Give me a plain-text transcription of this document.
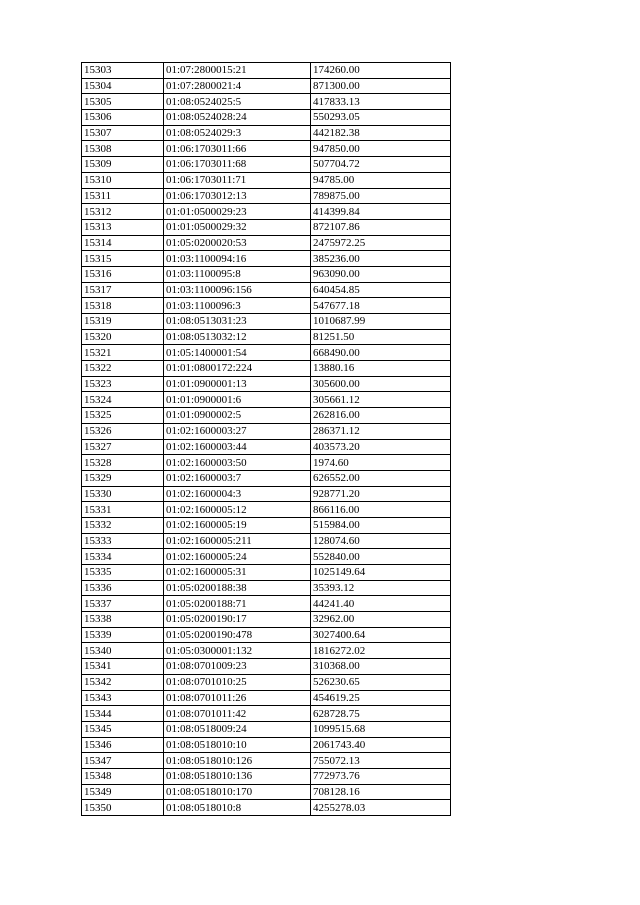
15303	01:07:2800015:21	174260.00
15304	01:07:2800021:4	871300.00
15305	01:08:0524025:5	417833.13
15306	01:08:0524028:24	550293.05
15307	01:08:0524029:3	442182.38
15308	01:06:1703011:66	947850.00
15309	01:06:1703011:68	507704.72
15310	01:06:1703011:71	94785.00
15311	01:06:1703012:13	789875.00
15312	01:01:0500029:23	414399.84
15313	01:01:0500029:32	872107.86
15314	01:05:0200020:53	2475972.25
15315	01:03:1100094:16	385236.00
15316	01:03:1100095:8	963090.00
15317	01:03:1100096:156	640454.85
15318	01:03:1100096:3	547677.18
15319	01:08:0513031:23	1010687.99
15320	01:08:0513032:12	81251.50
15321	01:05:1400001:54	668490.00
15322	01:01:0800172:224	13880.16
15323	01:01:0900001:13	305600.00
15324	01:01:0900001:6	305661.12
15325	01:01:0900002:5	262816.00
15326	01:02:1600003:27	286371.12
15327	01:02:1600003:44	403573.20
15328	01:02:1600003:50	1974.60
15329	01:02:1600003:7	626552.00
15330	01:02:1600004:3	928771.20
15331	01:02:1600005:12	866116.00
15332	01:02:1600005:19	515984.00
15333	01:02:1600005:211	128074.60
15334	01:02:1600005:24	552840.00
15335	01:02:1600005:31	1025149.64
15336	01:05:0200188:38	35393.12
15337	01:05:0200188:71	44241.40
15338	01:05:0200190:17	32962.00
15339	01:05:0200190:478	3027400.64
15340	01:05:0300001:132	1816272.02
15341	01:08:0701009:23	310368.00
15342	01:08:0701010:25	526230.65
15343	01:08:0701011:26	454619.25
15344	01:08:0701011:42	628728.75
15345	01:08:0518009:24	1099515.68
15346	01:08:0518010:10	2061743.40
15347	01:08:0518010:126	755072.13
15348	01:08:0518010:136	772973.76
15349	01:08:0518010:170	708128.16
15350	01:08:0518010:8	4255278.03
